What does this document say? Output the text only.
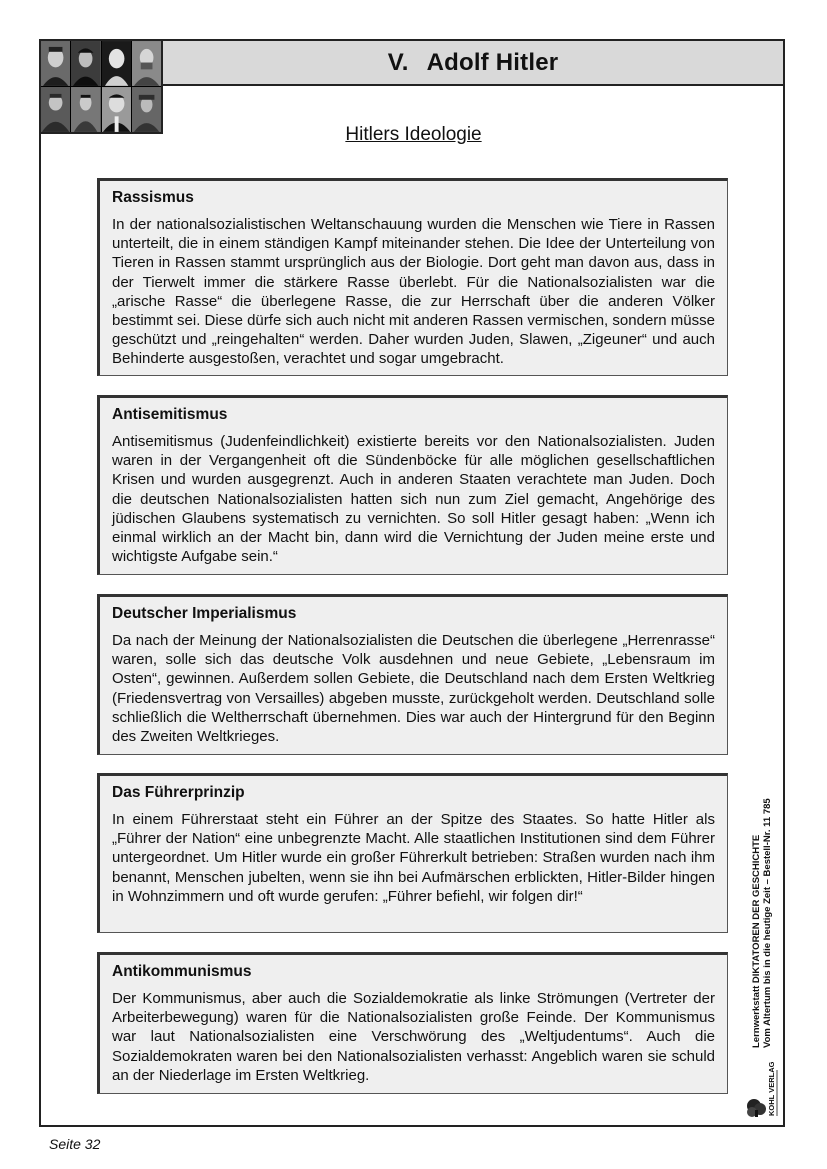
V. Adolf Hitler
Hitlers Ideologie
Rassismus

In der nationalsozialistischen Weltanschauung wurden die Menschen wie Tiere in Rassen unterteilt, die in einem ständigen Kampf miteinander stehen. Die Idee der Unterteilung von Tieren in Rassen stammt ursprünglich aus der Biologie. Dort geht man davon aus, dass in der Tierwelt immer die stärkere Rasse überlebt. Für die Nationalsozialisten war die „arische Rasse“ die überlegene Rasse, die zur Herrschaft über die anderen Völker bestimmt sei. Diese dürfe sich auch nicht mit anderen Rassen vermischen, sondern müsse geschützt und „reingehalten“ werden. Daher wurden Juden, Slawen, „Zigeuner“ und auch Behinderte ausgestoßen, verachtet und sogar umgebracht.

Antisemitismus

Antisemitismus (Judenfeindlichkeit) existierte bereits vor den Nationalsozialisten. Juden waren in der Vergangenheit oft die Sündenböcke für alle möglichen gesellschaftlichen Krisen und wurden ausgegrenzt. Auch in anderen Staaten verachtete man Juden. Doch die deutschen Nationalsozialisten hatten sich nun zum Ziel gemacht, Angehörige des jüdischen Glaubens systematisch zu vernichten. So soll Hitler gesagt haben: „Wenn ich einmal wirklich an der Macht bin, dann wird die Vernichtung der Juden meine erste und wichtigste Aufgabe sein.“

Deutscher Imperialismus

Da nach der Meinung der Nationalsozialisten die Deutschen die überlegene „Herrenrasse“ waren, solle sich das deutsche Volk ausdehnen und neue Gebiete, „Lebensraum im Osten“, gewinnen. Außerdem sollen Gebiete, die Deutschland nach dem Ersten Weltkrieg (Friedensvertrag von Versailles) abgeben musste, zurückgeholt werden. Deutschland solle schließlich die Weltherrschaft übernehmen. Dies war auch der Hintergrund für den Beginn des Zweiten Weltkrieges.

Das Führerprinzip

In einem Führerstaat steht ein Führer an der Spitze des Staates. So hatte Hitler als „Führer der Nation“ eine unbegrenzte Macht. Alle staatlichen Institutionen sind dem Führer untergeordnet. Um Hitler wurde ein großer Führerkult betrieben: Straßen wurden nach ihm benannt, Menschen jubelten, wenn sie ihn bei Aufmärschen erblickten, Hitler-Bilder hingen in Wohnzimmern und oft wurde gerufen: „Führer befiehl, wir folgen dir!“

Antikommunismus

Der Kommunismus, aber auch die Sozialdemokratie als linke Strömungen (Vertreter der Arbeiterbewegung) waren für die Nationalsozialisten große Feinde. Der Kommunismus war laut Nationalsozialisten eine Verschwörung des „Weltjudentums“. Auch die Sozialdemokraten waren bei den Nationalsozialisten verhasst: Angeblich waren sie schuld an der Niederlage im Ersten Weltkrieg.

Lernwerkstatt DIKTATOREN DER GESCHICHTE Vom Altertum bis in die heutige Zeit – Bestell-Nr. 11 785
KOHL VERLAG
Seite 32
